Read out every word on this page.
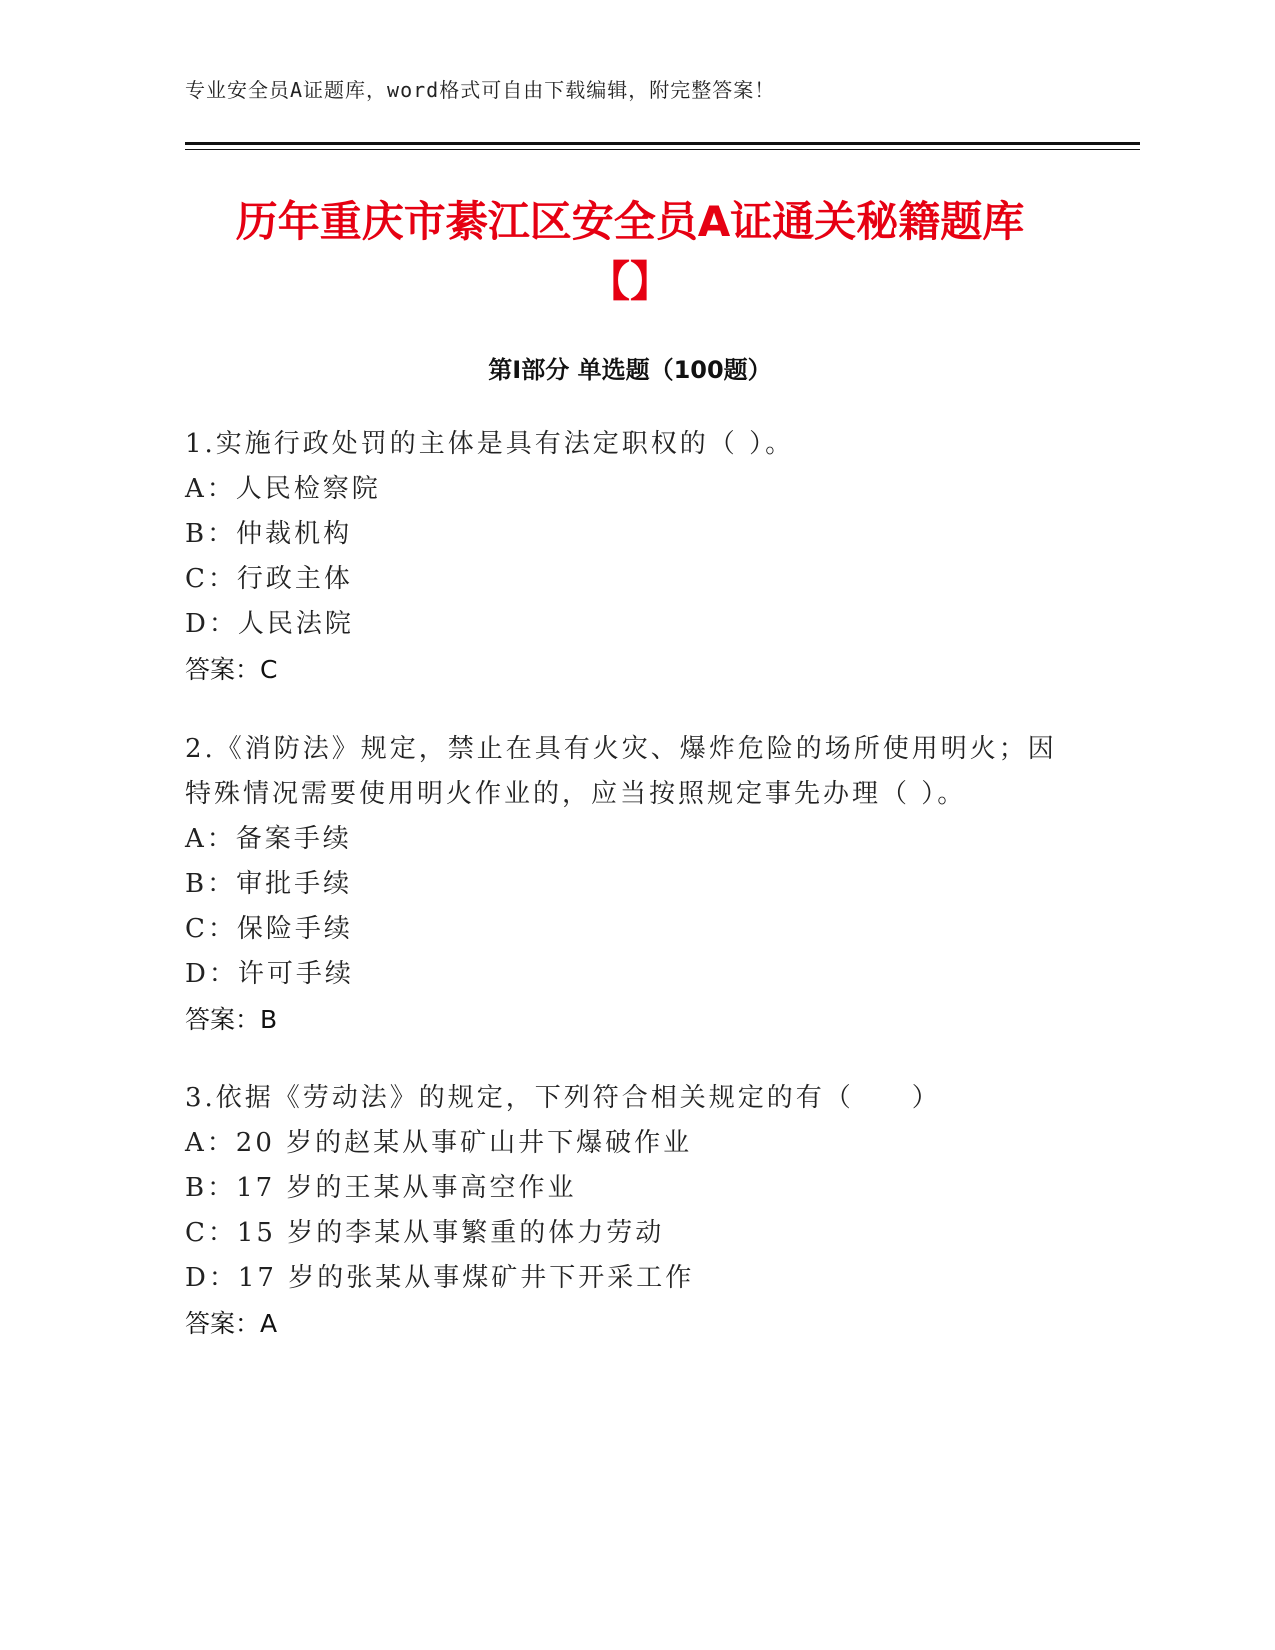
专业安全员A证题库，word格式可自由下载编辑，附完整答案！
历年重庆市綦江区安全员A证通关秘籍题库
【】
第I部分 单选题（100题）
1.实施行政处罚的主体是具有法定职权的（ ）。
A：人民检察院
B：仲裁机构
C：行政主体
D：人民法院
答案：C
2.《消防法》规定，禁止在具有火灾、爆炸危险的场所使用明火；因
特殊情况需要使用明火作业的，应当按照规定事先办理（ ）。
A：备案手续
B：审批手续
C：保险手续
D：许可手续
答案：B
3.依据《劳动法》的规定，下列符合相关规定的有（　　）
A：20 岁的赵某从事矿山井下爆破作业
B：17 岁的王某从事高空作业
C：15 岁的李某从事繁重的体力劳动
D：17 岁的张某从事煤矿井下开采工作
答案：A
